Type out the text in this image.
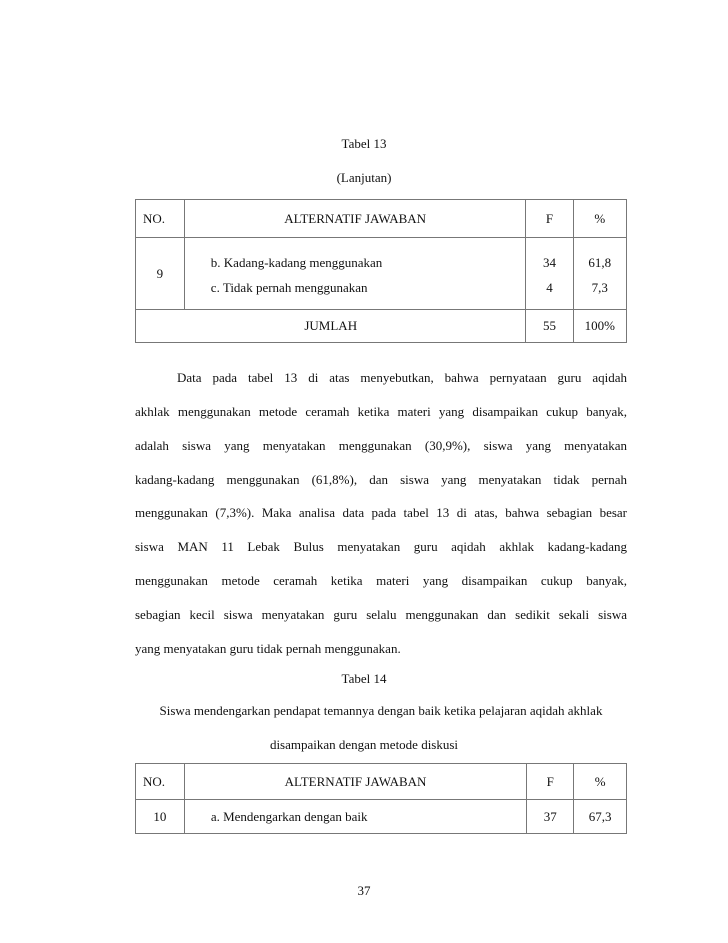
Tabel 13
(Lanjutan)
NO.	ALTERNATIF JAWABAN	F	%
9	b. Kadang-kadang menggunakan	34	61,8
	c. Tidak pernah menggunakan	4	7,3
JUMLAH		55	100%
Data pada tabel 13 di atas menyebutkan, bahwa pernyataan guru aqidah
akhlak menggunakan metode ceramah ketika materi yang disampaikan cukup banyak,
adalah siswa yang menyatakan menggunakan (30,9%), siswa yang menyatakan
kadang-kadang menggunakan (61,8%), dan siswa yang menyatakan tidak pernah
menggunakan (7,3%). Maka analisa data pada tabel 13 di atas, bahwa sebagian besar
siswa MAN 11 Lebak Bulus menyatakan guru aqidah akhlak kadang-kadang
menggunakan metode ceramah ketika materi yang disampaikan cukup banyak,
sebagian kecil siswa menyatakan guru selalu menggunakan dan sedikit sekali siswa
yang menyatakan guru tidak pernah menggunakan.
Tabel 14
Siswa mendengarkan pendapat temannya dengan baik ketika pelajaran aqidah akhlak
disampaikan dengan metode diskusi
NO.	ALTERNATIF JAWABAN	F	%
10	a. Mendengarkan dengan baik	37	67,3
37
